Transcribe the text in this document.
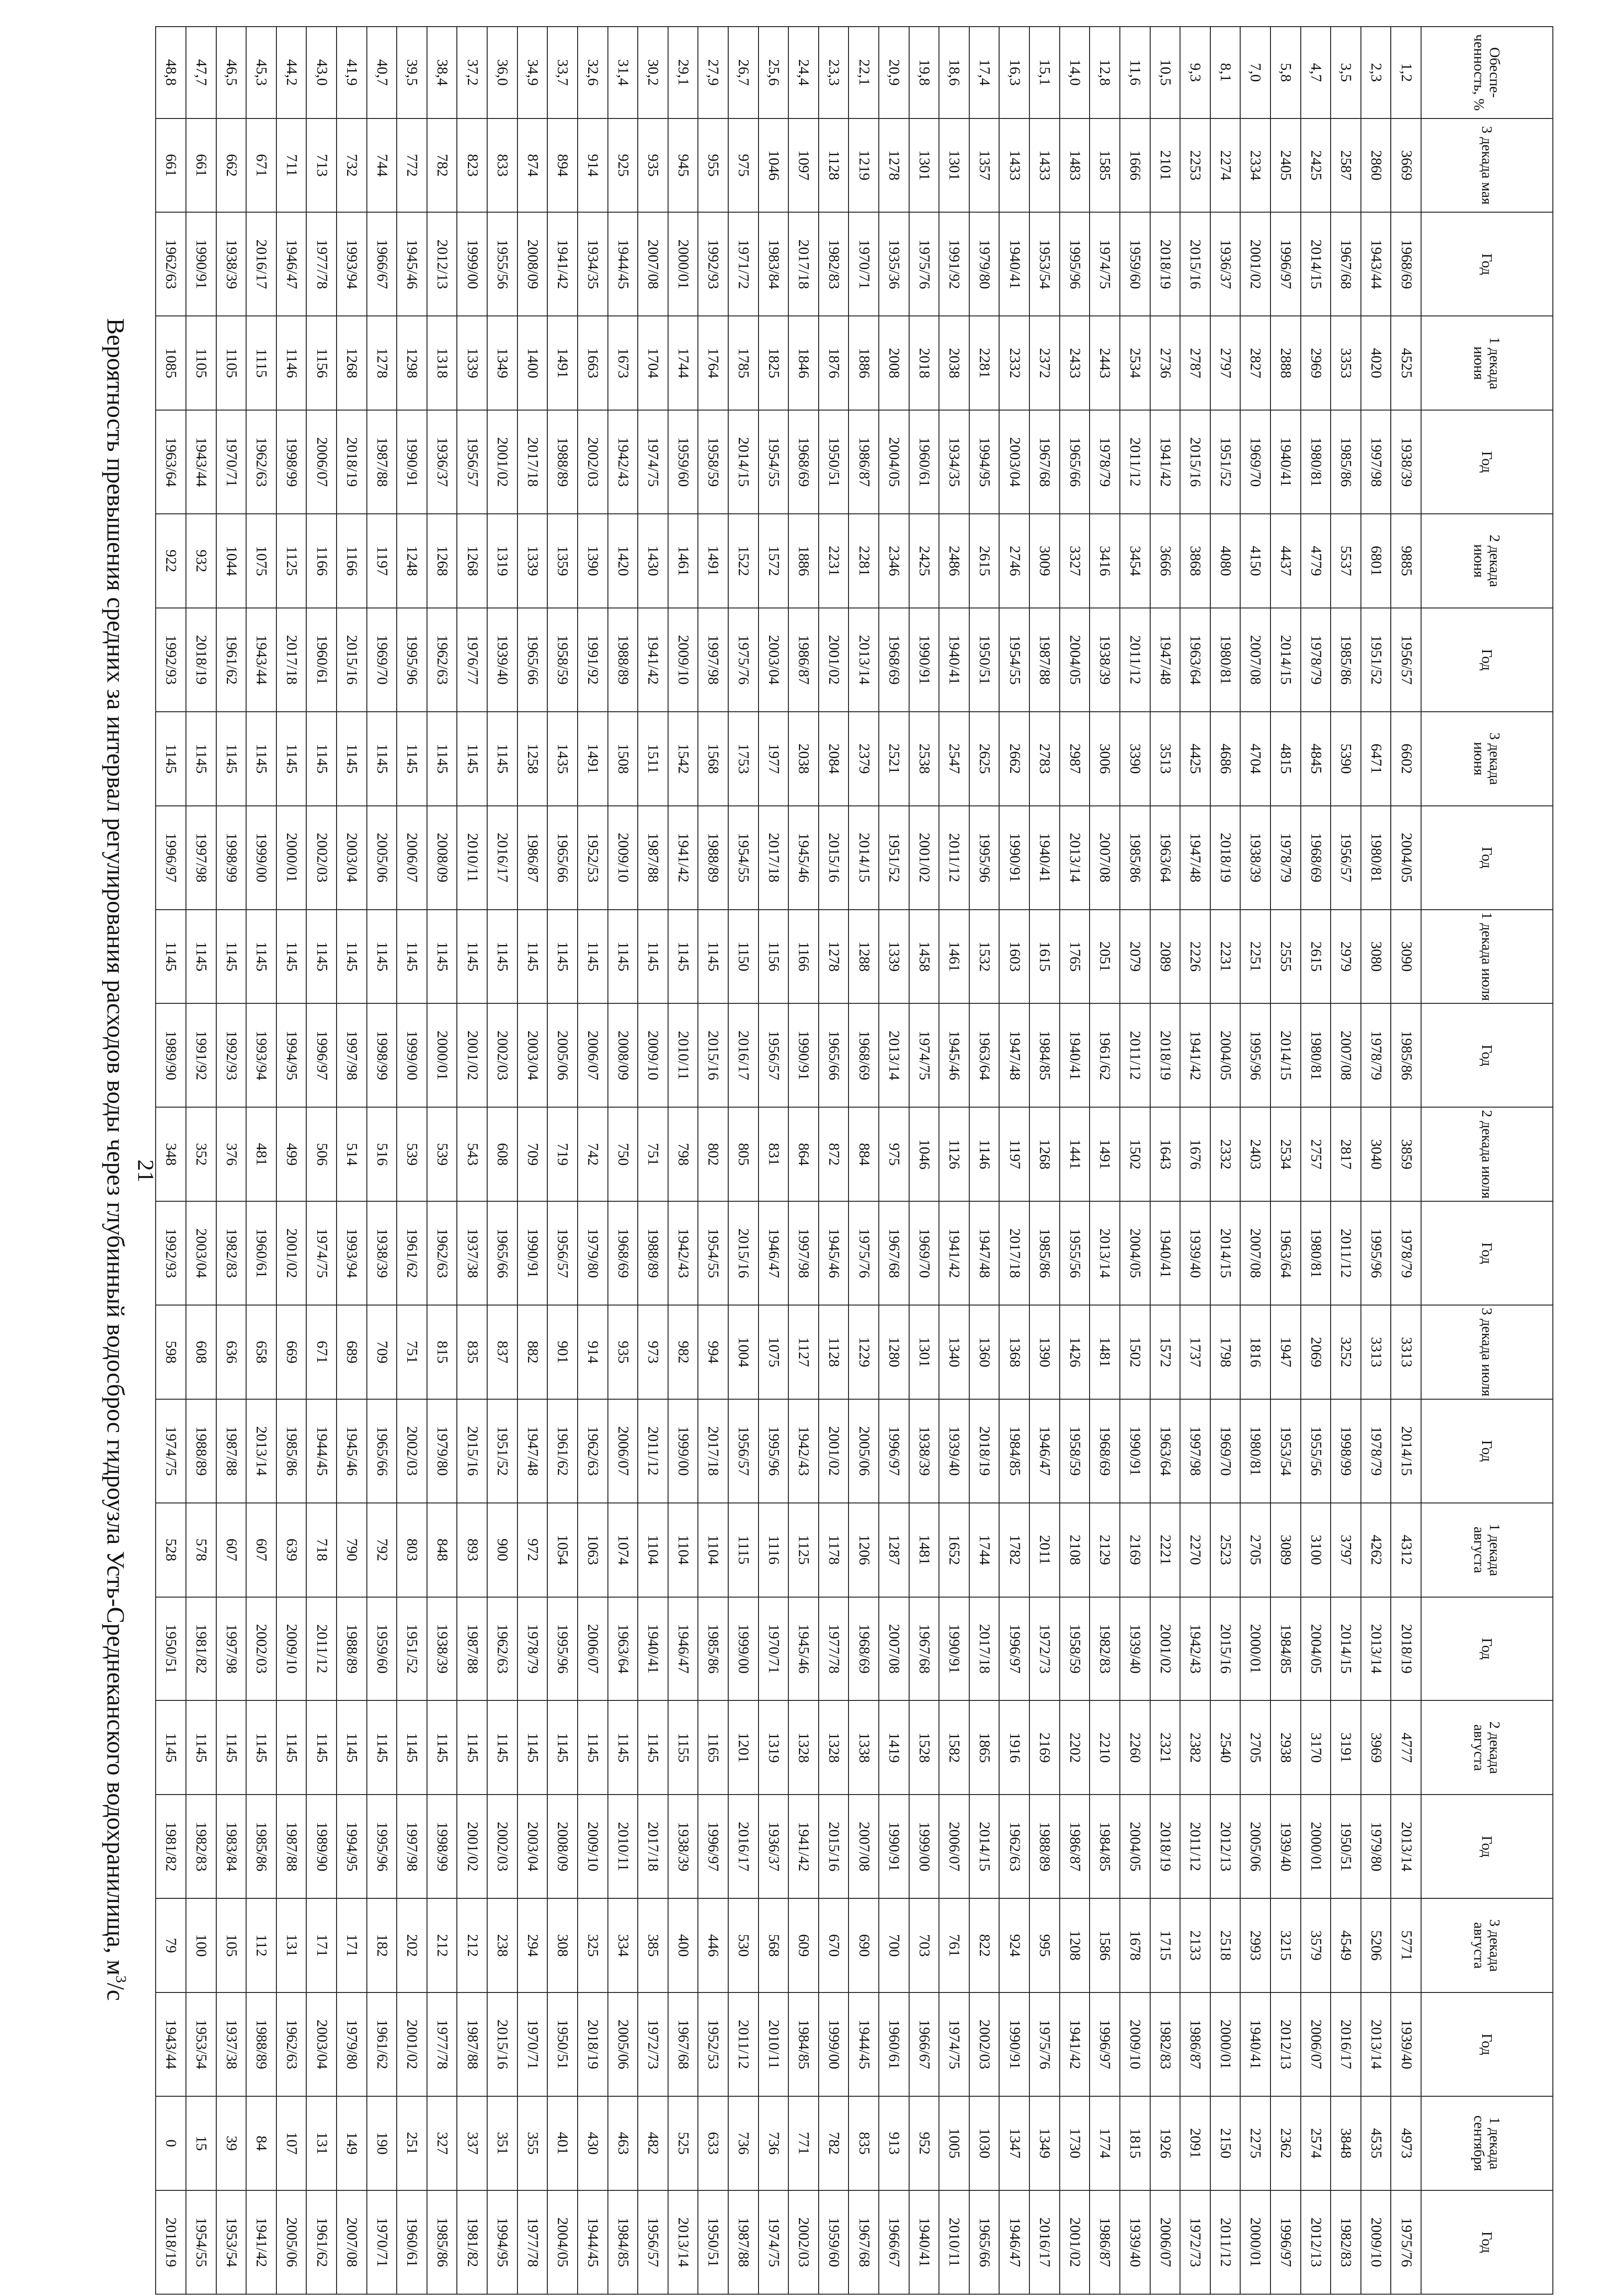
21
Вероятность превышения средних за интервал регулирования расходов воды через глубинный водосброс гидроузла Усть-Среднеканского водохранилища, $м^3/с$
Обеспе-ченность, %	3 декада мая	Год	1 декада июня	Год	2 декада июня	Год	3 декада июня	Год	1 декада июля	Год	2 декада июля	Год	3 декада июля	Год	1 декада августа	Год	2 декада августа	Год	3 декада августа	Год	1 декада сентября	Год
1,2	3669	1968/69	4525	1938/39	9885	1956/57	6602	2004/05	3090	1985/86	3859	1978/79	3313	2014/15	4312	2018/19	4777	2013/14	5771	1939/40	4973	1975/76
2,3	2860	1943/44	4020	1997/98	6801	1951/52	6471	1980/81	3080	1978/79	3040	1995/96	3313	1978/79	4262	2013/14	3969	1979/80	5206	2013/14	4535	2009/10
3,5	2587	1967/68	3353	1985/86	5537	1985/86	5390	1956/57	2979	2007/08	2817	2011/12	3252	1998/99	3797	2014/15	3191	1950/51	4549	2016/17	3848	1982/83
4,7	2425	2014/15	2969	1980/81	4779	1978/79	4845	1968/69	2615	1980/81	2757	1980/81	2069	1955/56	3100	2004/05	3170	2000/01	3579	2006/07	2574	2012/13
5,8	2405	1996/97	2888	1940/41	4437	2014/15	4815	1978/79	2555	2014/15	2534	1963/64	1947	1953/54	3089	1984/85	2938	1939/40	3215	2012/13	2362	1996/97
7,0	2334	2001/02	2827	1969/70	4150	2007/08	4704	1938/39	2251	1995/96	2403	2007/08	1816	1980/81	2705	2000/01	2705	2005/06	2993	1940/41	2275	2000/01
8,1	2274	1936/37	2797	1951/52	4080	1980/81	4686	2018/19	2231	2004/05	2332	2014/15	1798	1969/70	2523	2015/16	2540	2012/13	2518	2000/01	2150	2011/12
9,3	2253	2015/16	2787	2015/16	3868	1963/64	4425	1947/48	2226	1941/42	1676	1939/40	1737	1997/98	2270	1942/43	2382	2011/12	2133	1986/87	2091	1972/73
10,5	2101	2018/19	2736	1941/42	3666	1947/48	3513	1963/64	2089	2018/19	1643	1940/41	1572	1963/64	2221	2001/02	2321	2018/19	1715	1982/83	1926	2006/07
11,6	1666	1959/60	2534	2011/12	3454	2011/12	3390	1985/86	2079	2011/12	1502	2004/05	1502	1990/91	2169	1939/40	2260	2004/05	1678	2009/10	1815	1939/40
12,8	1585	1974/75	2443	1978/79	3416	1938/39	3006	2007/08	2051	1961/62	1491	2013/14	1481	1968/69	2129	1982/83	2210	1984/85	1586	1996/97	1774	1986/87
14,0	1483	1995/96	2433	1965/66	3327	2004/05	2987	2013/14	1765	1940/41	1441	1955/56	1426	1958/59	2108	1958/59	2202	1986/87	1208	1941/42	1730	2001/02
15,1	1433	1953/54	2372	1967/68	3009	1987/88	2783	1940/41	1615	1984/85	1268	1985/86	1390	1946/47	2011	1972/73	2169	1988/89	995	1975/76	1349	2016/17
16,3	1433	1940/41	2332	2003/04	2746	1954/55	2662	1990/91	1603	1947/48	1197	2017/18	1368	1984/85	1782	1996/97	1916	1962/63	924	1990/91	1347	1946/47
17,4	1357	1979/80	2281	1994/95	2615	1950/51	2625	1995/96	1532	1963/64	1146	1947/48	1360	2018/19	1744	2017/18	1865	2014/15	822	2002/03	1030	1965/66
18,6	1301	1991/92	2038	1934/35	2486	1940/41	2547	2011/12	1461	1945/46	1126	1941/42	1340	1939/40	1652	1990/91	1582	2006/07	761	1974/75	1005	2010/11
19,8	1301	1975/76	2018	1960/61	2425	1990/91	2538	2001/02	1458	1974/75	1046	1969/70	1301	1938/39	1481	1967/68	1528	1999/00	703	1966/67	952	1940/41
20,9	1278	1935/36	2008	2004/05	2346	1968/69	2521	1951/52	1339	2013/14	975	1967/68	1280	1996/97	1287	2007/08	1419	1990/91	700	1960/61	913	1966/67
22,1	1219	1970/71	1886	1986/87	2281	2013/14	2379	2014/15	1288	1968/69	884	1975/76	1229	2005/06	1206	1968/69	1338	2007/08	690	1944/45	835	1967/68
23,3	1128	1982/83	1876	1950/51	2231	2001/02	2084	2015/16	1278	1965/66	872	1945/46	1128	2001/02	1178	1977/78	1328	2015/16	670	1999/00	782	1959/60
24,4	1097	2017/18	1846	1968/69	1886	1986/87	2038	1945/46	1166	1990/91	864	1997/98	1127	1942/43	1125	1945/46	1328	1941/42	609	1984/85	771	2002/03
25,6	1046	1983/84	1825	1954/55	1572	2003/04	1977	2017/18	1156	1956/57	831	1946/47	1075	1995/96	1116	1970/71	1319	1936/37	568	2010/11	736	1974/75
26,7	975	1971/72	1785	2014/15	1522	1975/76	1753	1954/55	1150	2016/17	805	2015/16	1004	1956/57	1115	1999/00	1201	2016/17	530	2011/12	736	1987/88
27,9	955	1992/93	1764	1958/59	1491	1997/98	1568	1988/89	1145	2015/16	802	1954/55	994	2017/18	1104	1985/86	1165	1996/97	446	1952/53	633	1950/51
29,1	945	2000/01	1744	1959/60	1461	2009/10	1542	1941/42	1145	2010/11	798	1942/43	982	1999/00	1104	1946/47	1155	1938/39	400	1967/68	525	2013/14
30,2	935	2007/08	1704	1974/75	1430	1941/42	1511	1987/88	1145	2009/10	751	1988/89	973	2011/12	1104	1940/41	1145	2017/18	385	1972/73	482	1956/57
31,4	925	1944/45	1673	1942/43	1420	1988/89	1508	2009/10	1145	2008/09	750	1968/69	935	2006/07	1074	1963/64	1145	2010/11	334	2005/06	463	1984/85
32,6	914	1934/35	1663	2002/03	1390	1991/92	1491	1952/53	1145	2006/07	742	1979/80	914	1962/63	1063	2006/07	1145	2009/10	325	2018/19	430	1944/45
33,7	894	1941/42	1491	1988/89	1359	1958/59	1435	1965/66	1145	2005/06	719	1956/57	901	1961/62	1054	1995/96	1145	2008/09	308	1950/51	401	2004/05
34,9	874	2008/09	1400	2017/18	1339	1965/66	1258	1986/87	1145	2003/04	709	1990/91	882	1947/48	972	1978/79	1145	2003/04	294	1970/71	355	1977/78
36,0	833	1955/56	1349	2001/02	1319	1939/40	1145	2016/17	1145	2002/03	608	1965/66	837	1951/52	900	1962/63	1145	2002/03	238	2015/16	351	1994/95
37,2	823	1999/00	1339	1956/57	1268	1976/77	1145	2010/11	1145	2001/02	543	1937/38	835	2015/16	893	1987/88	1145	2001/02	212	1987/88	337	1981/82
38,4	782	2012/13	1318	1936/37	1268	1962/63	1145	2008/09	1145	2000/01	539	1962/63	815	1979/80	848	1938/39	1145	1998/99	212	1977/78	327	1985/86
39,5	772	1945/46	1298	1990/91	1248	1995/96	1145	2006/07	1145	1999/00	539	1961/62	751	2002/03	803	1951/52	1145	1997/98	202	2001/02	251	1960/61
40,7	744	1966/67	1278	1987/88	1197	1969/70	1145	2005/06	1145	1998/99	516	1938/39	709	1965/66	792	1959/60	1145	1995/96	182	1961/62	190	1970/71
41,9	732	1993/94	1268	2018/19	1166	2015/16	1145	2003/04	1145	1997/98	514	1993/94	689	1945/46	790	1988/89	1145	1994/95	171	1979/80	149	2007/08
43,0	713	1977/78	1156	2006/07	1166	1960/61	1145	2002/03	1145	1996/97	506	1974/75	671	1944/45	718	2011/12	1145	1989/90	171	2003/04	131	1961/62
44,2	711	1946/47	1146	1998/99	1125	2017/18	1145	2000/01	1145	1994/95	499	2001/02	669	1985/86	639	2009/10	1145	1987/88	131	1962/63	107	2005/06
45,3	671	2016/17	1115	1962/63	1075	1943/44	1145	1999/00	1145	1993/94	481	1960/61	658	2013/14	607	2002/03	1145	1985/86	112	1988/89	84	1941/42
46,5	662	1938/39	1105	1970/71	1044	1961/62	1145	1998/99	1145	1992/93	376	1982/83	636	1987/88	607	1997/98	1145	1983/84	105	1937/38	39	1953/54
47,7	661	1990/91	1105	1943/44	932	2018/19	1145	1997/98	1145	1991/92	352	2003/04	608	1988/89	578	1981/82	1145	1982/83	100	1953/54	15	1954/55
48,8	661	1962/63	1085	1963/64	922	1992/93	1145	1996/97	1145	1989/90	348	1992/93	598	1974/75	528	1950/51	1145	1981/82	79	1943/44	0	2018/19
